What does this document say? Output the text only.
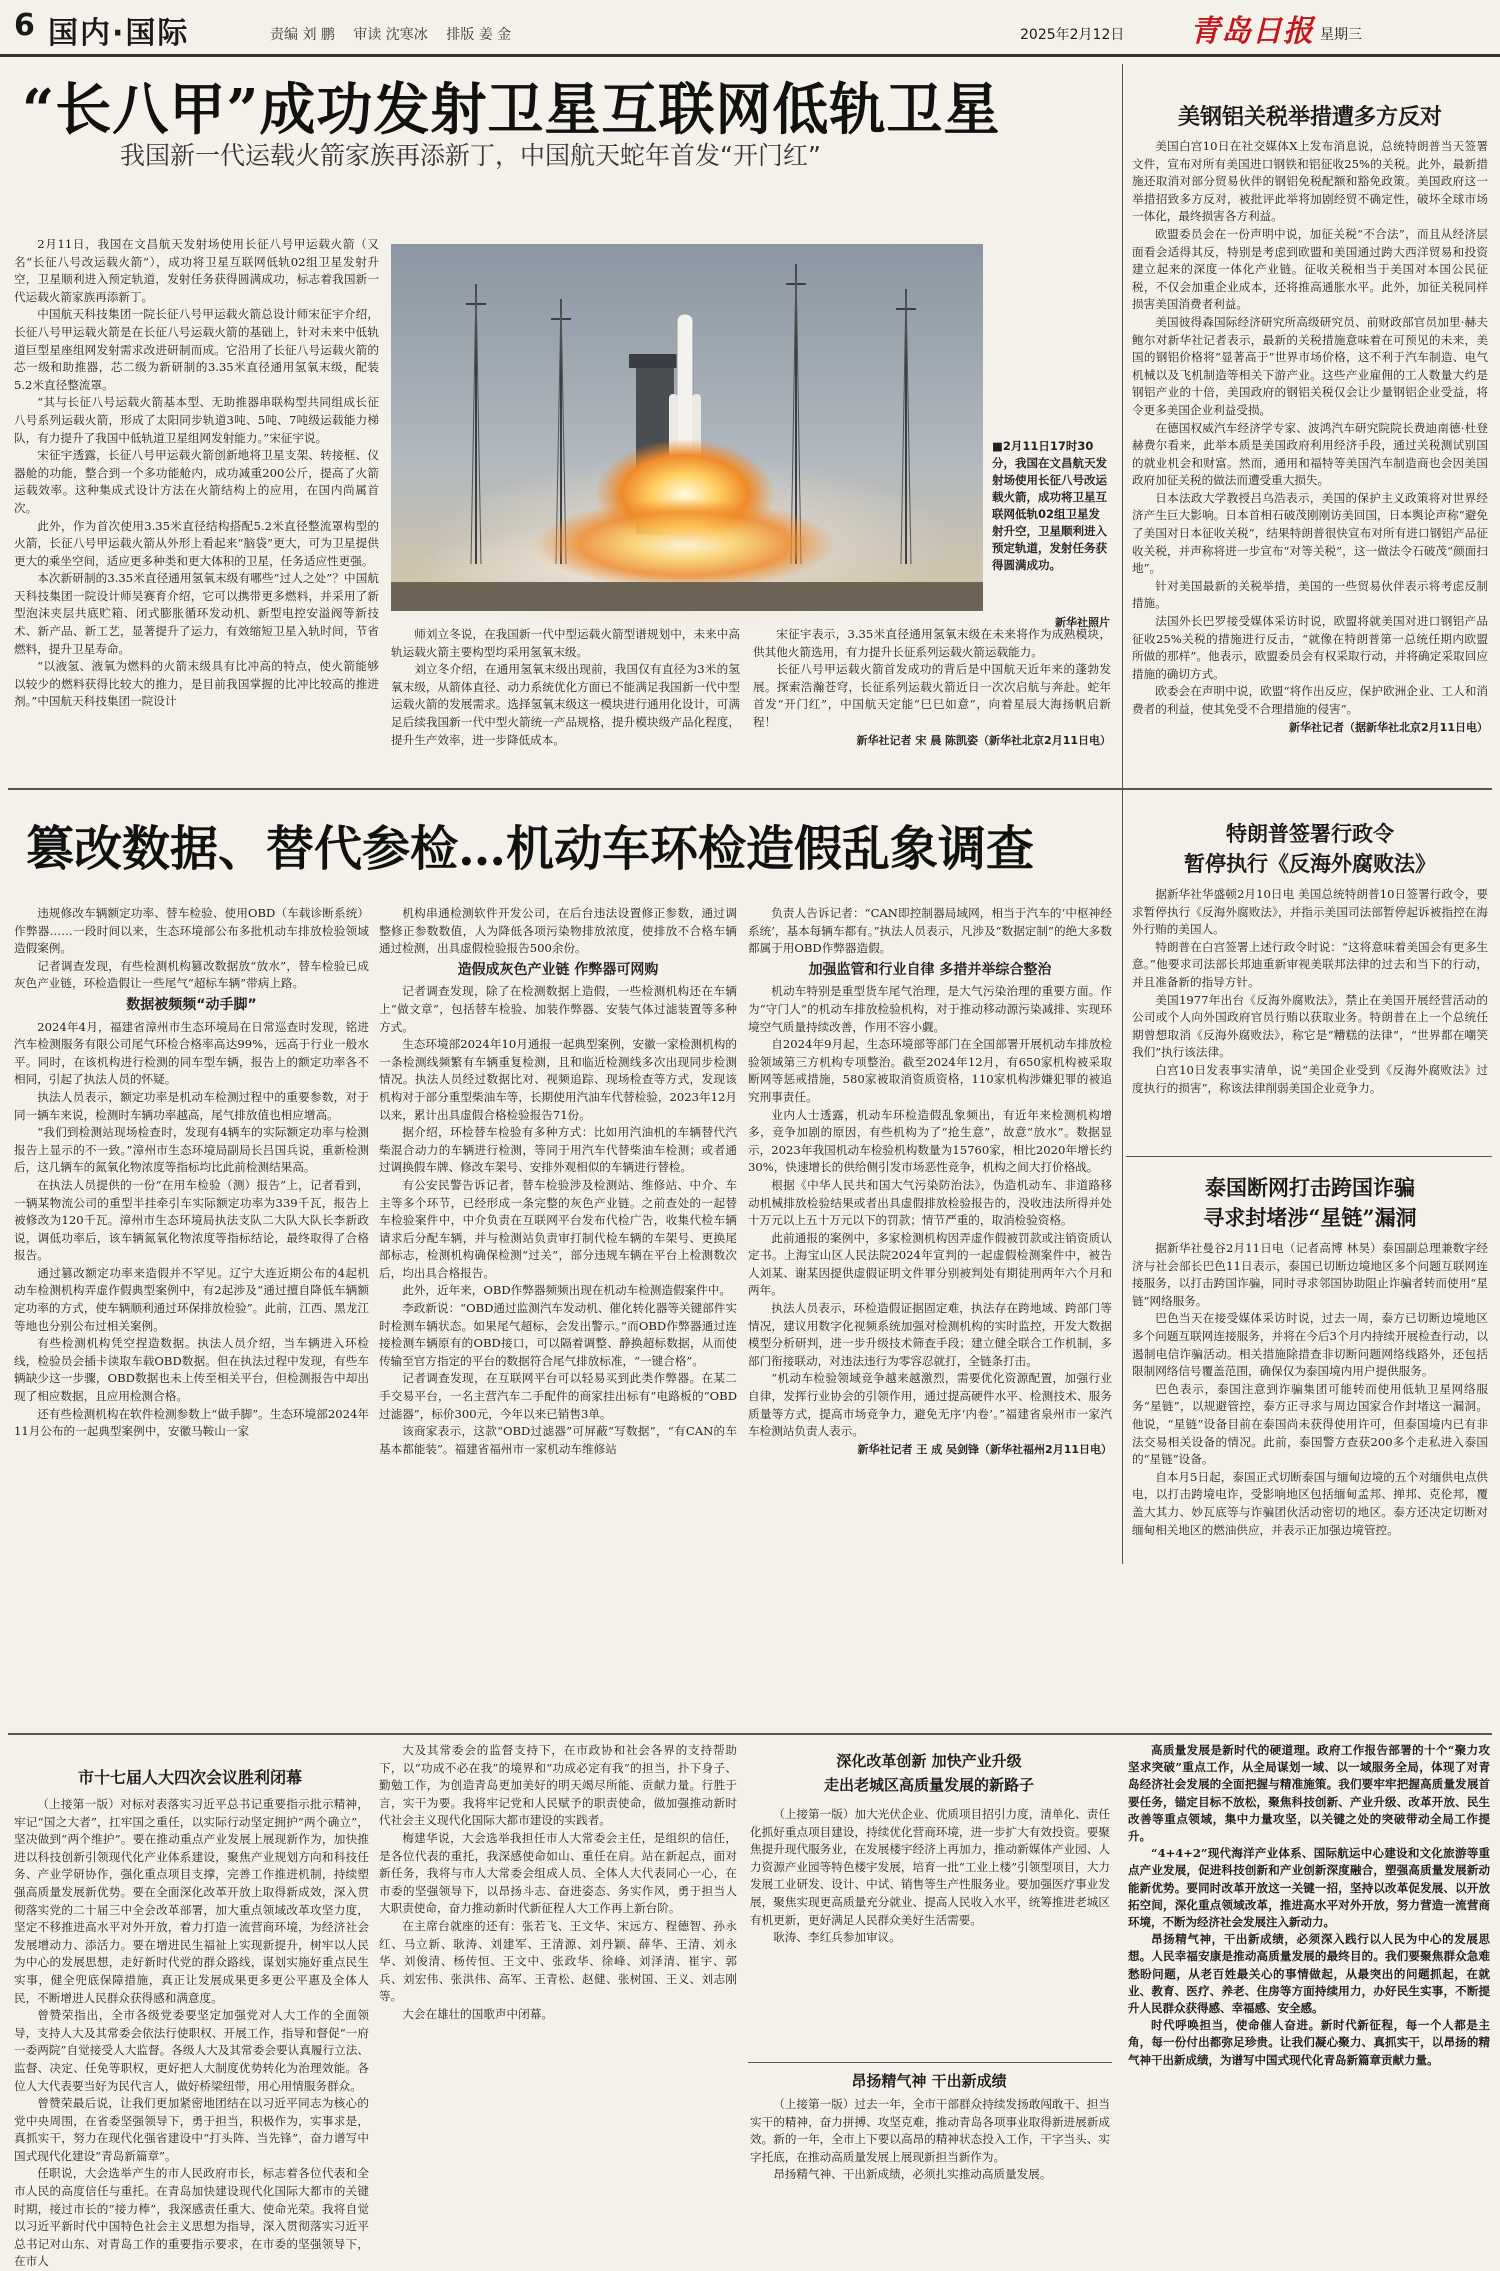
6 国内·国际	责编 刘 鹏 审读 沈寒冰 排版 姜 金	2025年2月12日 青岛日报 星期三
“长八甲”成功发射卫星互联网低轨卫星
我国新一代运载火箭家族再添新丁，中国航天蛇年首发“开门红”

2月11日，我国在文昌航天发射场使用长征八号甲运载火箭（又名“长征八号改运载火箭”），成功将卫星互联网低轨02组卫星发射升空，卫星顺利进入预定轨道，发射任务获得圆满成功，标志着我国新一代运载火箭家族再添新丁。

中国航天科技集团一院长征八号甲运载火箭总设计师宋征宇介绍，长征八号甲运载火箭是在长征八号运载火箭的基础上，针对未来中低轨道巨型星座组网发射需求改进研制而成。它沿用了长征八号运载火箭的芯一级和助推器，芯二级为新研制的3.35米直径通用氢氧末级，配装5.2米直径整流罩。

“其与长征八号运载火箭基本型、无助推器串联构型共同组成长征八号系列运载火箭，形成了太阳同步轨道3吨、5吨、7吨级运载能力梯队，有力提升了我国中低轨道卫星组网发射能力。”宋征宇说。

宋征宇透露，长征八号甲运载火箭创新地将卫星支架、转接框、仪器舱的功能，整合到一个多功能舱内，成功减重200公斤，提高了火箭运载效率。这种集成式设计方法在火箭结构上的应用，在国内尚属首次。

此外，作为首次使用3.35米直径结构搭配5.2米直径整流罩构型的火箭，长征八号甲运载火箭从外形上看起来“脑袋”更大，可为卫星提供更大的乘坐空间，适应更多种类和更大体积的卫星，任务适应性更强。

本次新研制的3.35米直径通用氢氧末级有哪些“过人之处”？中国航天科技集团一院设计师吴赛育介绍，它可以携带更多燃料，并采用了新型泡沫夹层共底贮箱、闭式膨胀循环发动机、新型电控安溢阀等新技术、新产品、新工艺，显著提升了运力，有效缩短卫星入轨时间，节省燃料，提升卫星寿命。

“以液氢、液氧为燃料的火箭末级具有比冲高的特点，使火箭能够以较少的燃料获得比较大的推力，是目前我国掌握的比冲比较高的推进剂。”中国航天科技集团一院设计

■2月11日17时30分，我国在文昌航天发射场使用长征八号改运载火箭，成功将卫星互联网低轨02组卫星发射升空，卫星顺利进入预定轨道，发射任务获得圆满成功。
新华社照片

师刘立冬说，在我国新一代中型运载火箭型谱规划中，未来中高轨运载火箭主要构型均采用氢氧末级。

刘立冬介绍，在通用氢氧末级出现前，我国仅有直径为3米的氢氧末级，从箭体直径、动力系统优化方面已不能满足我国新一代中型运载火箭的发展需求。选择氢氧末级这一模块进行通用化设计，可满足后续我国新一代中型火箭统一产品规格，提升模块级产品化程度，提升生产效率，进一步降低成本。

宋征宇表示，3.35米直径通用氢氧末级在未来将作为成熟模块，供其他火箭选用，有力提升长征系列运载火箭运载能力。

长征八号甲运载火箭首发成功的背后是中国航天近年来的蓬勃发展。探索浩瀚苍穹，长征系列运载火箭近日一次次启航与奔赴。蛇年首发“开门红”，中国航天定能“巳巳如意”，向着星辰大海扬帆启新程！

新华社记者 宋 晨 陈凯姿（新华社北京2月11日电）

美钢铝关税举措遭多方反对

美国白宫10日在社交媒体X上发布消息说，总统特朗普当天签署文件，宣布对所有美国进口钢铁和铝征收25%的关税。此外，最新措施还取消对部分贸易伙伴的钢铝免税配额和豁免政策。美国政府这一举措招致多方反对，被批评此举将加剧经贸不确定性，破坏全球市场一体化，最终损害各方利益。

欧盟委员会在一份声明中说，加征关税“不合法”，而且从经济层面看会适得其反，特别是考虑到欧盟和美国通过跨大西洋贸易和投资建立起来的深度一体化产业链。征收关税相当于美国对本国公民征税，不仅会加重企业成本，还将推高通胀水平。此外，加征关税同样损害美国消费者利益。

美国彼得森国际经济研究所高级研究员、前财政部官员加里·赫夫鲍尔对新华社记者表示，最新的关税措施意味着在可预见的未来，美国的钢铝价格将“显著高于”世界市场价格，这不利于汽车制造、电气机械以及飞机制造等相关下游产业。这些产业雇佣的工人数量大约是钢铝产业的十倍，美国政府的钢铝关税仅会让少量钢铝企业受益，将令更多美国企业利益受损。

在德国权威汽车经济学专家、波鸿汽车研究院院长费迪南德·杜登赫费尔看来，此举本质是美国政府利用经济手段，通过关税测试别国的就业机会和财富。然而，通用和福特等美国汽车制造商也会因美国政府加征关税的做法而遭受重大损失。

日本法政大学教授吕乌浩表示，美国的保护主义政策将对世界经济产生巨大影响。日本首相石破茂刚刚访美回国，日本舆论声称“避免了美国对日本征收关税”，结果特朗普很快宣布对所有进口钢铝产品征收关税，并声称将进一步宣布“对等关税”，这一做法令石破茂“颜面扫地”。

针对美国最新的关税举措，美国的一些贸易伙伴表示将考虑反制措施。

法国外长巴罗接受媒体采访时说，欧盟将就美国对进口钢铝产品征收25%关税的措施进行反击，“就像在特朗普第一总统任期内欧盟所做的那样”。他表示，欧盟委员会有权采取行动，并将确定采取回应措施的确切方式。

欧委会在声明中说，欧盟“将作出反应，保护欧洲企业、工人和消费者的利益，使其免受不合理措施的侵害”。

新华社记者（据新华社北京2月11日电）

篡改数据、替代参检…机动车环检造假乱象调查

违规修改车辆额定功率、替车检验、使用OBD（车载诊断系统）作弊器……一段时间以来，生态环境部公布多批机动车排放检验领域造假案例。

记者调查发现，有些检测机构篡改数据放“放水”，替车检验已成灰色产业链，环检造假让一些尾气“超标车辆”带病上路。

数据被频频“动手脚”

2024年4月，福建省漳州市生态环境局在日常巡查时发现，铭进汽车检测服务有限公司尾气环检合格率高达99%，远高于行业一般水平。同时，在该机构进行检测的同车型车辆，报告上的额定功率各不相同，引起了执法人员的怀疑。

执法人员表示，额定功率是机动车检测过程中的重要参数，对于同一辆车来说，检测时车辆功率越高，尾气排放值也相应增高。

“我们到检测站现场检查时，发现有4辆车的实际额定功率与检测报告上显示的不一致。”漳州市生态环境局副局长吕国兵说，重新检测后，这几辆车的氮氧化物浓度等指标均比此前检测结果高。

在执法人员提供的一份“在用车检验（测）报告”上，记者看到，一辆某物流公司的重型半挂牵引车实际额定功率为339千瓦，报告上被修改为120千瓦。漳州市生态环境局执法支队二大队大队长李新政说，调低功率后，该车辆氮氧化物浓度等指标结论，最终取得了合格报告。

通过篡改额定功率来造假并不罕见。辽宁大连近期公布的4起机动车检测机构弄虚作假典型案例中，有2起涉及“通过擅自降低车辆额定功率的方式，使车辆顺利通过环保排放检验”。此前，江西、黑龙江等地也分别公布过相关案例。

有些检测机构凭空捏造数据。执法人员介绍，当车辆进入环检线，检验员会插卡读取车载OBD数据。但在执法过程中发现，有些车辆缺少这一步骤，OBD数据也未上传至相关平台，但检测报告中却出现了相应数据，且应用检测合格。

还有些检测机构在软件检测参数上“做手脚”。生态环境部2024年11月公布的一起典型案例中，安徽马鞍山一家

机构串通检测软件开发公司，在后台违法设置修正参数，通过调整修正参数数值，人为降低各项污染物排放浓度，使排放不合格车辆通过检测，出具虚假检验报告500余份。

造假成灰色产业链 作弊器可网购

记者调查发现，除了在检测数据上造假，一些检测机构还在车辆上“做文章”，包括替车检验、加装作弊器、安装气体过滤装置等多种方式。

生态环境部2024年10月通报一起典型案例，安徽一家检测机构的一条检测线频繁有车辆重复检测，且和临近检测线多次出现同步检测情况。执法人员经过数据比对、视频追踪、现场检查等方式，发现该机构对于部分重型柴油车等，长期使用汽油车代替检验，2023年12月以来，累计出具虚假合格检验报告71份。

据介绍，环检替车检验有多种方式：比如用汽油机的车辆替代汽柴混合动力的车辆进行检测，等同于用汽车代替柴油车检测；或者通过调换假车牌、修改车架号、安排外观相似的车辆进行替检。

有公安民警告诉记者，替车检验涉及检测站、维修站、中介、车主等多个环节，已经形成一条完整的灰色产业链。之前查处的一起替车检验案件中，中介负责在互联网平台发布代检广告，收集代检车辆请求后分配车辆，并与检测站负责审打制代检车辆的车架号、更换尾部标志，检测机构确保检测“过关”，部分违规车辆在平台上检测数次后，均出具合格报告。

此外，近年来，OBD作弊器频频出现在机动车检测造假案件中。

李政新说：“OBD通过监测汽车发动机、催化转化器等关键部件实时检测车辆状态。如果尾气超标，会发出警示。”而OBD作弊器通过连接检测车辆原有的OBD接口，可以隔着调整、静换超标数据，从而使传输至官方指定的平台的数据符合尾气排放标准，“一键合格”。

记者调查发现，在互联网平台可以轻易买到此类作弊器。在某二手交易平台，一名主营汽车二手配件的商家挂出标有“电路板的“OBD过滤器”，标价300元，今年以来已销售3单。

该商家表示，这款“OBD过滤器”可屏蔽“写数据”，“有CAN的车基本都能装”。福建省福州市一家机动车维修站

负责人告诉记者：“CAN即控制器局域网，相当于汽车的‘中枢神经系统’，基本每辆车都有。”执法人员表示，凡涉及“数据定制”的绝大多数都属于用OBD作弊器造假。

加强监管和行业自律 多措并举综合整治

机动车特别是重型货车尾气治理，是大气污染治理的重要方面。作为“守门人”的机动车排放检验机构，对于推动移动源污染减排、实现环境空气质量持续改善，作用不容小觑。

自2024年9月起，生态环境部等部门在全国部署开展机动车排放检验领域第三方机构专项整治。截至2024年12月，有650家机构被采取断网等惩戒措施，580家被取消资质资格，110家机构涉嫌犯罪的被追究刑事责任。

业内人士透露，机动车环检造假乱象频出，有近年来检测机构增多，竞争加剧的原因，有些机构为了“抢生意”，故意“放水”。数据显示，2023年我国机动车检验机构数量为15760家，相比2020年增长约30%，快速增长的供给侧引发市场恶性竞争，机构之间大打价格战。

根据《中华人民共和国大气污染防治法》，伪造机动车、非道路移动机械排放检验结果或者出具虚假排放检验报告的，没收违法所得并处十万元以上五十万元以下的罚款；情节严重的，取消检验资格。

此前通报的案例中，多家检测机构因弄虚作假被罚款或注销资质认定书。上海宝山区人民法院2024年宣判的一起虚假检测案件中，被告人刘某、谢某因提供虚假证明文件罪分别被判处有期徒刑两年六个月和两年。

执法人员表示，环检造假证据固定难，执法存在跨地域、跨部门等情况，建议用数字化视频系统加强对检测机构的实时监控，开发大数据模型分析研判，进一步升级技术筛查手段；建立健全联合工作机制，多部门衔接联动，对违法违行为零容忍就打，全链条打击。

“机动车检验领域竞争越来越激烈，需要优化资源配置，加强行业自律，发挥行业协会的引领作用，通过提高硬件水平、检测技术、服务质量等方式，提高市场竞争力，避免无序‘内卷’。”福建省泉州市一家汽车检测站负责人表示。

新华社记者 王 成 吴剑锋（新华社福州2月11日电）

特朗普签署行政令
暂停执行《反海外腐败法》

据新华社华盛顿2月10日电 美国总统特朗普10日签署行政令，要求暂停执行《反海外腐败法》，并指示美国司法部暂停起诉被指控在海外行贿的美国人。

特朗普在白宫签署上述行政令时说：“这将意味着美国会有更多生意。”他要求司法部长邦迪重新审视美联邦法律的过去和当下的行动，并且准备新的指导方针。

美国1977年出台《反海外腐败法》，禁止在美国开展经营活动的公司或个人向外国政府官员行贿以获取业务。特朗普在上一个总统任期曾想取消《反海外腐败法》，称它是“糟糕的法律”，“世界都在嘲笑我们”执行该法律。

白宫10日发表事实清单，说“美国企业受到《反海外腐败法》过度执行的损害”，称该法律削弱美国企业竞争力。

泰国断网打击跨国诈骗
寻求封堵涉“星链”漏洞

据新华社曼谷2月11日电（记者高博 林昊）泰国副总理兼数字经济与社会部长巴色11日表示，泰国已切断边境地区多个问题互联网连接服务，以打击跨国诈骗，同时寻求邻国协助阻止诈骗者转而使用“星链”网络服务。

巴色当天在接受媒体采访时说，过去一周，泰方已切断边境地区多个问题互联网连接服务，并将在今后3个月内持续开展检查行动，以遏制电信诈骗活动。相关措施除措查非切断问题网络线路外，还包括限制网络信号覆盖范围，确保仅为泰国境内用户提供服务。

巴色表示，泰国注意到诈骗集团可能转而使用低轨卫星网络服务“星链”，以规避管控，泰方正寻求与周边国家合作封堵这一漏洞。他说，“星链”设备目前在泰国尚未获得使用许可，但泰国境内已有非法交易相关设备的情况。此前，泰国警方查获200多个走私进入泰国的“星链”设备。

自本月5日起，泰国正式切断泰国与缅甸边境的五个对缅供电点供电，以打击跨境电诈，受影响地区包括缅甸孟邦、掸邦、克伦邦，覆盖大其力、妙瓦底等与诈骗团伙活动密切的地区。泰方还决定切断对缅甸相关地区的燃油供应，并表示正加强边境管控。

市十七届人大四次会议胜利闭幕

（上接第一版）对标对表落实习近平总书记重要指示批示精神，牢记“国之大者”，扛牢国之重任，以实际行动坚定拥护“两个确立”，坚决做到“两个维护”。要在推动重点产业发展上展现新作为，加快推进以科技创新引领现代化产业体系建设，聚焦产业规划方向和科技任务、产业学研协作，强化重点项目支撑，完善工作推进机制，持续塑强高质量发展新优势。要在全面深化改革开放上取得新成效，深入贯彻落实党的二十届三中全会改革部署，加大重点领域改革攻坚力度，坚定不移推进高水平对外开放，着力打造一流营商环境，为经济社会发展增动力、添活力。要在增进民生福祉上实现新提升，树牢以人民为中心的发展思想，走好新时代党的群众路线，谋划实施好重点民生实事，健全兜底保障措施，真正让发展成果更多更公平惠及全体人民，不断增进人民群众获得感和满意度。

曾赞荣指出，全市各级党委要坚定加强党对人大工作的全面领导，支持人大及其常委会依法行使职权、开展工作，指导和督促“一府一委两院”自觉接受人大监督。各级人大及其常委会要认真履行立法、监督、决定、任免等职权，更好把人大制度优势转化为治理效能。各位人大代表要当好为民代言人，做好桥梁纽带，用心用情服务群众。

曾赞荣最后说，让我们更加紧密地团结在以习近平同志为核心的党中央周围，在省委坚强领导下，勇于担当，积极作为，实事求是，真抓实干，努力在现代化强省建设中“打头阵、当先锋”，奋力谱写中国式现代化建设“青岛新篇章”。

任职说，大会选举产生的市人民政府市长，标志着各位代表和全市人民的高度信任与重托。在青岛加快建设现代化国际大都市的关键时期，接过市长的“接力棒”，我深感责任重大、使命光荣。我将自觉以习近平新时代中国特色社会主义思想为指导，深入贯彻落实习近平总书记对山东、对青岛工作的重要指示要求，在市委的坚强领导下，在市人

大及其常委会的监督支持下，在市政协和社会各界的支持帮助下，以“功成不必在我”的境界和“功成必定有我”的担当，扑下身子、勤勉工作，为创造青岛更加美好的明天竭尽所能、贡献力量。行胜于言，实干为要。我将牢记党和人民赋予的职责使命，做加强推动新时代社会主义现代化国际大都市建设的实践者。

梅建华说，大会选举我担任市人大常委会主任，是组织的信任，是各位代表的重托，我深感使命如山、重任在肩。站在新起点，面对新任务，我将与市人大常委会组成人员、全体人大代表同心一心，在市委的坚强领导下，以昂扬斗志、奋进姿态、务实作风，勇于担当人大职责使命，奋力推动新时代新征程人大工作再上新台阶。

在主席台就座的还有：张若飞、王文华、宋远方、程德智、孙永红、马立新、耿涛、刘建军、王清源、刘丹颖、薛华、王清、刘永华、刘俊清、杨传恒、王文中、张政华、徐峰、刘泽清、崔宇、郭兵、刘宏伟、张洪伟、高军、王青松、赵健、张树国、王义、刘志刚等。

大会在雄壮的国歌声中闭幕。

深化改革创新 加快产业升级
走出老城区高质量发展的新路子

（上接第一版）加大光伏企业、优质项目招引力度，清单化、责任化抓好重点项目建设，持续优化营商环境，进一步扩大有效投资。要聚焦提升现代服务业，在发展楼宇经济上再加力，推动新媒体产业园、人力资源产业园等特色楼宇发展，培育一批“工业上楼”引领型项目，大力发展工业研发、设计、中试、销售等生产性服务业。要加强医疗事业发展，聚焦实现更高质量充分就业、提高人民收入水平，统筹推进老城区有机更新，更好满足人民群众美好生活需要。

耿涛、李红兵参加审议。

昂扬精气神 干出新成绩

（上接第一版）过去一年，全市干部群众持续发扬敢闯敢干、担当实干的精神，奋力拼搏、攻坚克难，推动青岛各项事业取得新进展新成效。新的一年，全市上下要以高昂的精神状态投入工作，干字当头、实字托底，在推动高质量发展上展现新担当新作为。

昂扬精气神、干出新成绩，必须扎实推动高质量发展。

高质量发展是新时代的硬道理。政府工作报告部署的十个“聚力攻坚求突破”重点工作，从全局谋划一域、以一域服务全局，体现了对青岛经济社会发展的全面把握与精准施策。我们要牢牢把握高质量发展首要任务，锚定目标不放松，聚焦科技创新、产业升级、改革开放、民生改善等重点领域，集中力量攻坚，以关键之处的突破带动全局工作提升。

“4+4+2”现代海洋产业体系、国际航运中心建设和文化旅游等重点产业发展，促进科技创新和产业创新深度融合，塑强高质量发展新动能新优势。要同时改革开放这一关键一招，坚持以改革促发展、以开放拓空间，深化重点领域改革，推进高水平对外开放，努力营造一流营商环境，不断为经济社会发展注入新动力。

昂扬精气神，干出新成绩，必须深入践行以人民为中心的发展思想。人民幸福安康是推动高质量发展的最终目的。我们要聚焦群众急难愁盼问题，从老百姓最关心的事情做起，从最突出的问题抓起，在就业、教育、医疗、养老、住房等方面持续用力，办好民生实事，不断提升人民群众获得感、幸福感、安全感。

时代呼唤担当，使命催人奋进。新时代新征程，每一个人都是主角，每一份付出都弥足珍贵。让我们凝心聚力、真抓实干，以昂扬的精气神干出新成绩，为谱写中国式现代化青岛新篇章贡献力量。
